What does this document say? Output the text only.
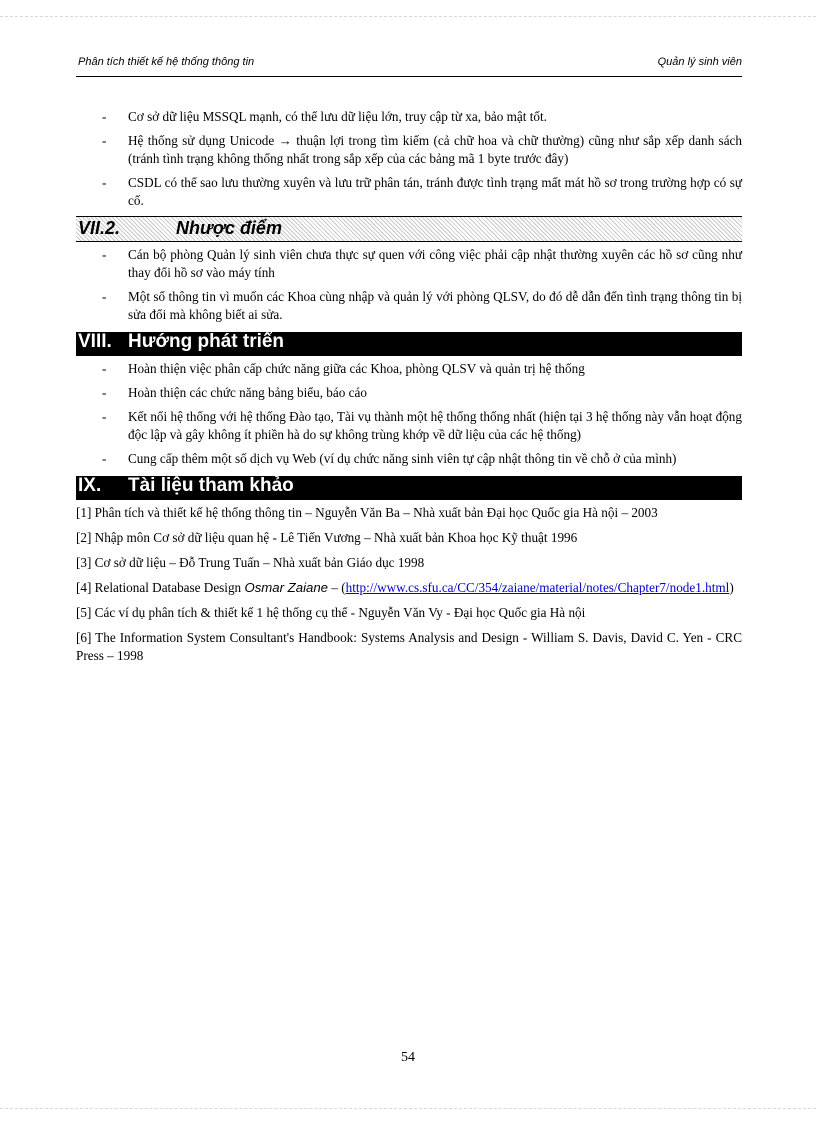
Phân tích thiết kế hệ thống thông tin	Quản lý sinh viên
- Cơ sở dữ liệu MSSQL mạnh, có thể lưu dữ liệu lớn, truy cập từ xa, bảo mật tốt.
- Hệ thống sử dụng Unicode → thuận lợi trong tìm kiếm (cả chữ hoa và chữ thường) cũng như sắp xếp danh sách (tránh tình trạng không thống nhất trong sắp xếp của các bảng mã 1 byte trước đây)
- CSDL có thể sao lưu thường xuyên và lưu trữ phân tán, tránh được tình trạng mất mát hồ sơ trong trường hợp có sự cố.
VII.2.	Nhược điểm
- Cán bộ phòng Quản lý sinh viên chưa thực sự quen với công việc phải cập nhật thường xuyên các hồ sơ cũng như thay đổi hồ sơ vào máy tính
- Một số thông tin vì muốn các Khoa cùng nhập và quản lý với phòng QLSV, do đó dễ dẫn đến tình trạng thông tin bị sửa đổi mà không biết ai sửa.
VIII. Hướng phát triển
- Hoàn thiện việc phân cấp chức năng giữa các Khoa, phòng QLSV và quản trị hệ thống
- Hoàn thiện các chức năng bảng biểu, báo cáo
- Kết nối hệ thống với hệ thống Đào tạo, Tài vụ thành một hệ thống thống nhất (hiện tại 3 hệ thống này vẫn hoạt động độc lập và gây không ít phiền hà do sự không trùng khớp về dữ liệu của các hệ thống)
- Cung cấp thêm một số dịch vụ Web (ví dụ chức năng sinh viên tự cập nhật thông tin về chỗ ở của mình)
IX. Tài liệu tham khảo
[1] Phân tích và thiết kế hệ thống thông tin – Nguyễn Văn Ba – Nhà xuất bản Đại học Quốc gia Hà nội – 2003
[2] Nhập môn Cơ sở dữ liệu quan hệ - Lê Tiến Vương – Nhà xuất bản Khoa học Kỹ thuật 1996
[3] Cơ sở dữ liệu – Đỗ Trung Tuấn – Nhà xuất bản Giáo dục 1998
[4] Relational Database Design Osmar Zaiane – (http://www.cs.sfu.ca/CC/354/zaiane/material/notes/Chapter7/node1.html)
[5] Các ví dụ phân tích & thiết kế 1 hệ thống cụ thể - Nguyễn Văn Vy - Đại học Quốc gia Hà nội
[6] The Information System Consultant's Handbook: Systems Analysis and Design - William S. Davis, David C. Yen - CRC Press – 1998
54
